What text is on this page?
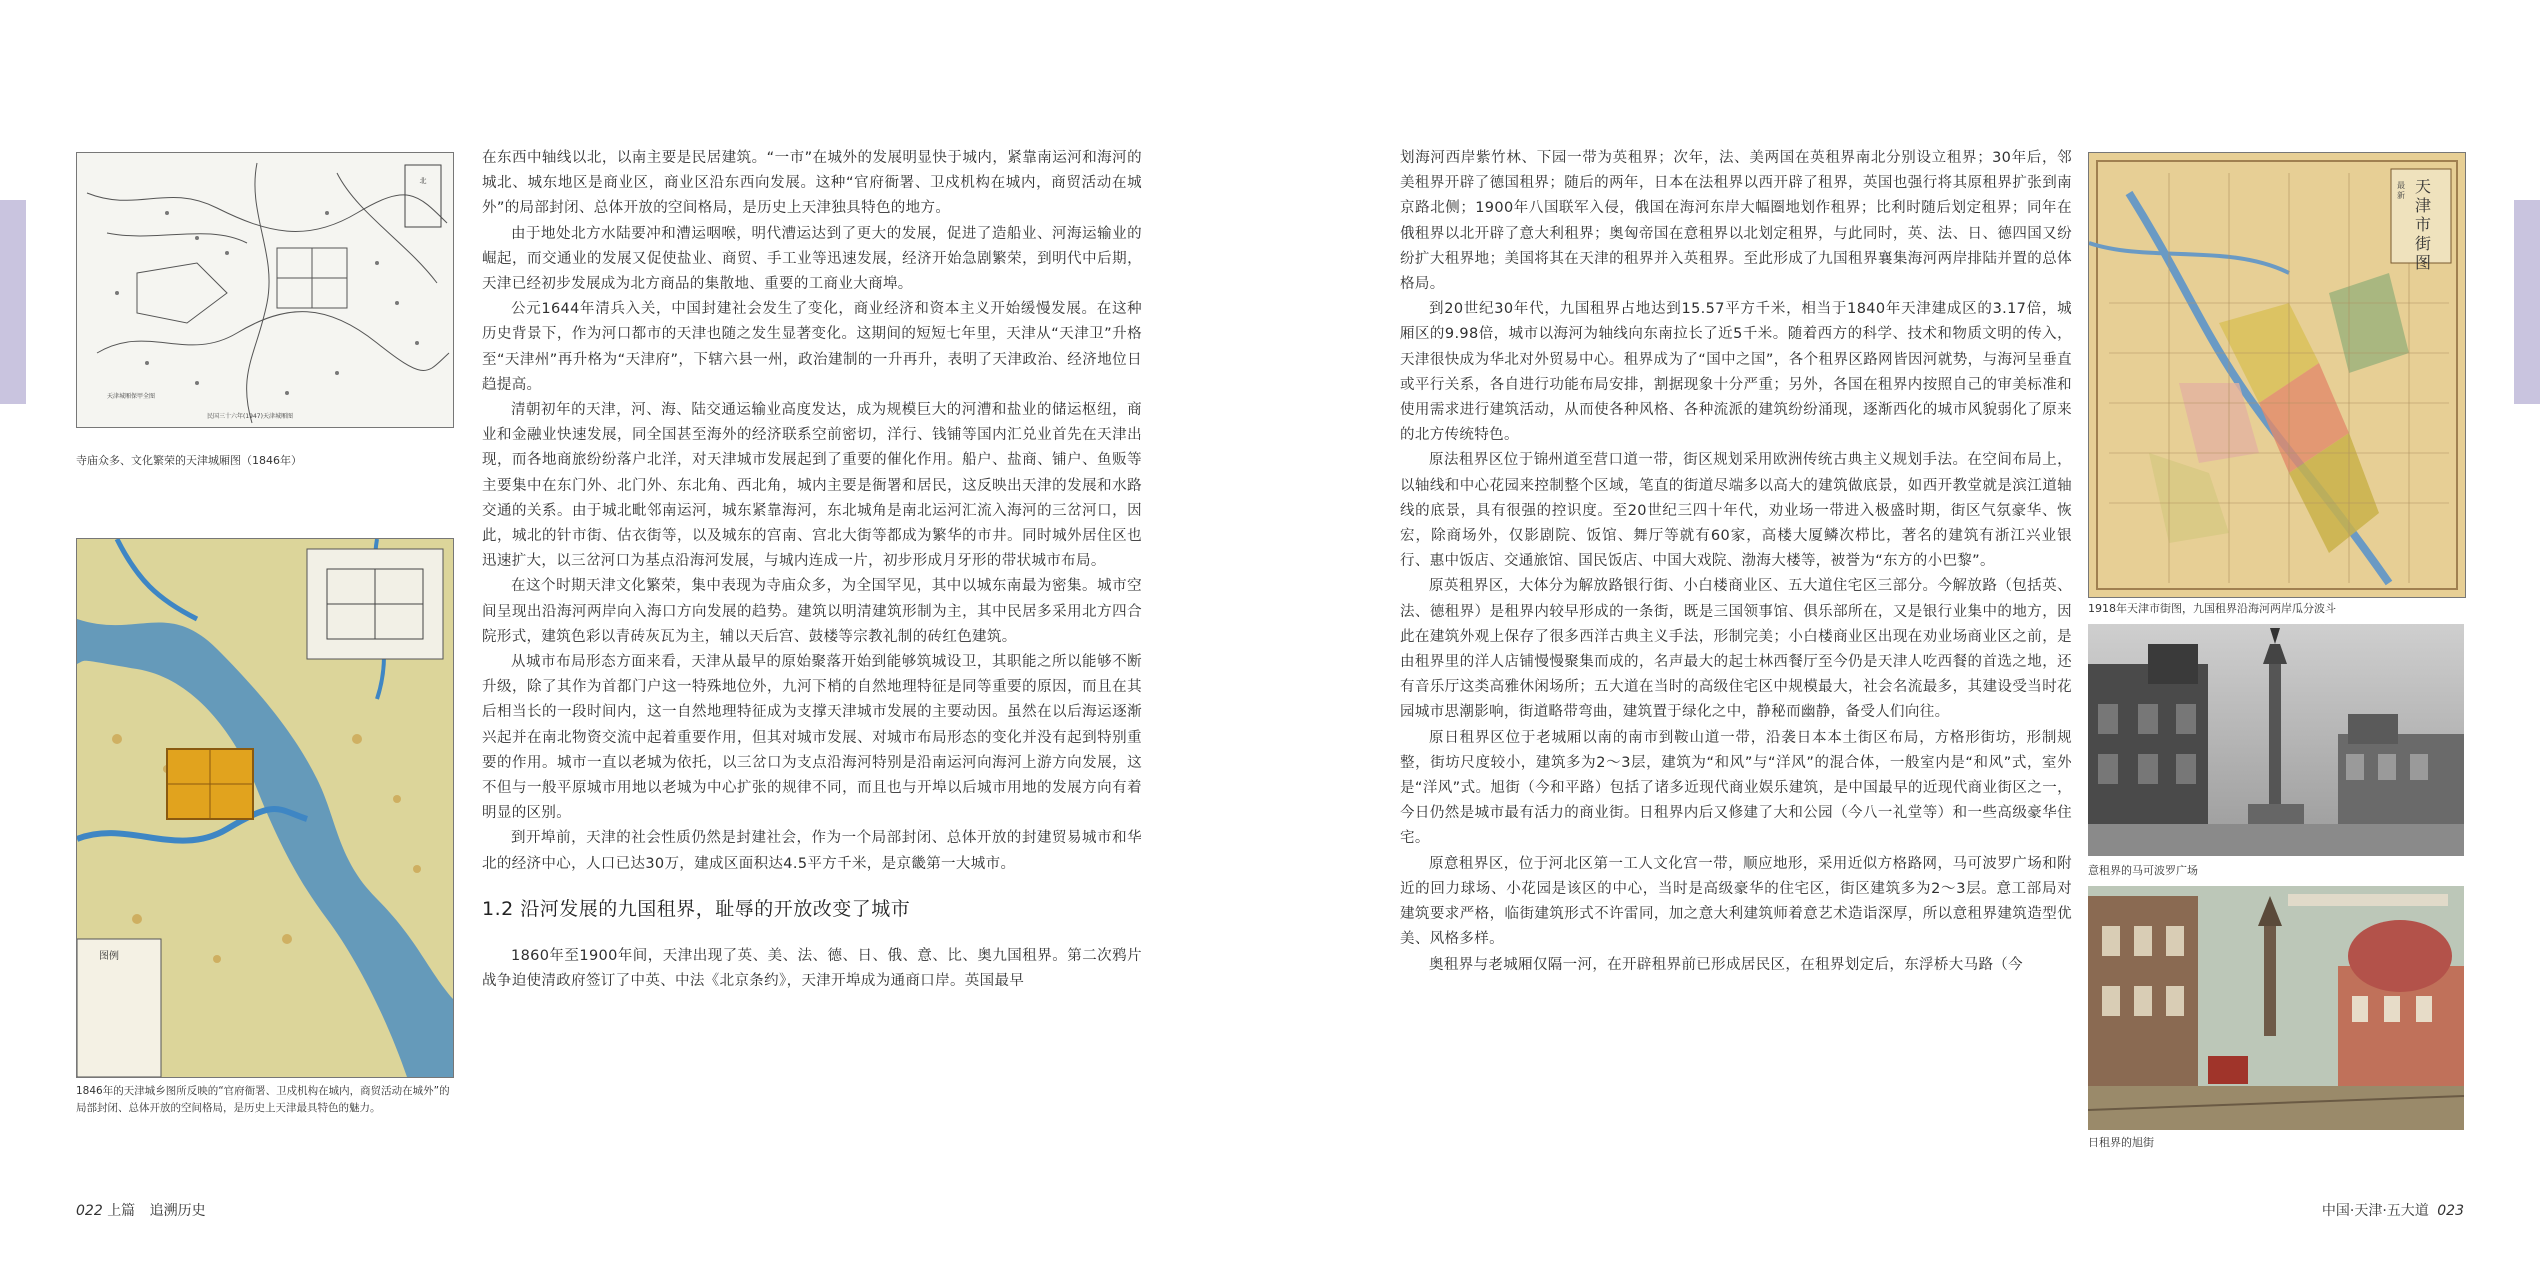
北
天津城厢保甲全图
民国三十六年(1947)天津城厢图
寺庙众多、文化繁荣的天津城厢图（1846年）
图例
1846年的天津城乡图所反映的“官府衙署、卫戍机构在城内，商贸活动在城外”的局部封闭、总体开放的空间格局，是历史上天津最具特色的魅力。

在东西中轴线以北，以南主要是民居建筑。“一市”在城外的发展明显快于城内，紧靠南运河和海河的城北、城东地区是商业区，商业区沿东西向发展。这种“官府衙署、卫戍机构在城内，商贸活动在城外”的局部封闭、总体开放的空间格局，是历史上天津独具特色的地方。

由于地处北方水陆要冲和漕运咽喉，明代漕运达到了更大的发展，促进了造船业、河海运输业的崛起，而交通业的发展又促使盐业、商贸、手工业等迅速发展，经济开始急剧繁荣，到明代中后期，天津已经初步发展成为北方商品的集散地、重要的工商业大商埠。

公元1644年清兵入关，中国封建社会发生了变化，商业经济和资本主义开始缓慢发展。在这种历史背景下，作为河口都市的天津也随之发生显著变化。这期间的短短七年里，天津从“天津卫”升格至“天津州”再升格为“天津府”，下辖六县一州，政治建制的一升再升，表明了天津政治、经济地位日趋提高。

清朝初年的天津，河、海、陆交通运输业高度发达，成为规模巨大的河漕和盐业的储运枢纽，商业和金融业快速发展，同全国甚至海外的经济联系空前密切，洋行、钱铺等国内汇兑业首先在天津出现，而各地商旅纷纷落户北洋，对天津城市发展起到了重要的催化作用。船户、盐商、铺户、鱼贩等主要集中在东门外、北门外、东北角、西北角，城内主要是衙署和居民，这反映出天津的发展和水路交通的关系。由于城北毗邻南运河，城东紧靠海河，东北城角是南北运河汇流入海河的三岔河口，因此，城北的针市街、估衣街等，以及城东的宫南、宫北大街等都成为繁华的市井。同时城外居住区也迅速扩大，以三岔河口为基点沿海河发展，与城内连成一片，初步形成月牙形的带状城市布局。

在这个时期天津文化繁荣，集中表现为寺庙众多，为全国罕见，其中以城东南最为密集。城市空间呈现出沿海河两岸向入海口方向发展的趋势。建筑以明清建筑形制为主，其中民居多采用北方四合院形式，建筑色彩以青砖灰瓦为主，辅以天后宫、鼓楼等宗教礼制的砖红色建筑。

从城市布局形态方面来看，天津从最早的原始聚落开始到能够筑城设卫，其职能之所以能够不断升级，除了其作为首都门户这一特殊地位外，九河下梢的自然地理特征是同等重要的原因，而且在其后相当长的一段时间内，这一自然地理特征成为支撑天津城市发展的主要动因。虽然在以后海运逐渐兴起并在南北物资交流中起着重要作用，但其对城市发展、对城市布局形态的变化并没有起到特别重要的作用。城市一直以老城为依托，以三岔口为支点沿海河特别是沿南运河向海河上游方向发展，这不但与一般平原城市用地以老城为中心扩张的规律不同，而且也与开埠以后城市用地的发展方向有着明显的区别。

到开埠前，天津的社会性质仍然是封建社会，作为一个局部封闭、总体开放的封建贸易城市和华北的经济中心，人口已达30万，建成区面积达4.5平方千米，是京畿第一大城市。

1.2 沿河发展的九国租界，耻辱的开放改变了城市

1860年至1900年间，天津出现了英、美、法、德、日、俄、意、比、奥九国租界。第二次鸦片战争迫使清政府签订了中英、中法《北京条约》，天津开埠成为通商口岸。英国最早

022 上篇 追溯历史

划海河西岸紫竹林、下园一带为英租界；次年，法、美两国在英租界南北分别设立租界；30年后，邻美租界开辟了德国租界；随后的两年，日本在法租界以西开辟了租界，英国也强行将其原租界扩张到南京路北侧；1900年八国联军入侵，俄国在海河东岸大幅圈地划作租界；比利时随后划定租界；同年在俄租界以北开辟了意大利租界；奥匈帝国在意租界以北划定租界，与此同时，英、法、日、德四国又纷纷扩大租界地；美国将其在天津的租界并入英租界。至此形成了九国租界襄集海河两岸排陆并置的总体格局。

到20世纪30年代，九国租界占地达到15.57平方千米，相当于1840年天津建成区的3.17倍，城厢区的9.98倍，城市以海河为轴线向东南拉长了近5千米。随着西方的科学、技术和物质文明的传入，天津很快成为华北对外贸易中心。租界成为了“国中之国”，各个租界区路网皆因河就势，与海河呈垂直或平行关系，各自进行功能布局安排，割据现象十分严重；另外，各国在租界内按照自己的审美标准和使用需求进行建筑活动，从而使各种风格、各种流派的建筑纷纷涌现，逐渐西化的城市风貌弱化了原来的北方传统特色。

原法租界区位于锦州道至营口道一带，街区规划采用欧洲传统古典主义规划手法。在空间布局上，以轴线和中心花园来控制整个区域，笔直的街道尽端多以高大的建筑做底景，如西开教堂就是滨江道轴线的底景，具有很强的控识度。至20世纪三四十年代，劝业场一带进入极盛时期，街区气氛豪华、恢宏，除商场外，仅影剧院、饭馆、舞厅等就有60家，高楼大厦鳞次栉比，著名的建筑有浙江兴业银行、惠中饭店、交通旅馆、国民饭店、中国大戏院、渤海大楼等，被誉为“东方的小巴黎”。

原英租界区，大体分为解放路银行街、小白楼商业区、五大道住宅区三部分。今解放路（包括英、法、德租界）是租界内较早形成的一条街，既是三国领事馆、俱乐部所在，又是银行业集中的地方，因此在建筑外观上保存了很多西洋古典主义手法，形制完美；小白楼商业区出现在劝业场商业区之前，是由租界里的洋人店铺慢慢聚集而成的，名声最大的起士林西餐厅至今仍是天津人吃西餐的首选之地，还有音乐厅这类高雅休闲场所；五大道在当时的高级住宅区中规模最大，社会名流最多，其建设受当时花园城市思潮影响，街道略带弯曲，建筑置于绿化之中，静秘而幽静，备受人们向往。

原日租界区位于老城厢以南的南市到鞍山道一带，沿袭日本本土街区布局，方格形街坊，形制规整，街坊尺度较小，建筑多为2～3层，建筑为“和风”与“洋风”的混合体，一般室内是“和风”式，室外是“洋风”式。旭街（今和平路）包括了诸多近现代商业娱乐建筑，是中国最早的近现代商业街区之一，今日仍然是城市最有活力的商业街。日租界内后又修建了大和公园（今八一礼堂等）和一些高级豪华住宅。

原意租界区，位于河北区第一工人文化宫一带，顺应地形，采用近似方格路网，马可波罗广场和附近的回力球场、小花园是该区的中心，当时是高级豪华的住宅区，街区建筑多为2～3层。意工部局对建筑要求严格，临街建筑形式不许雷同，加之意大利建筑师着意艺术造诣深厚，所以意租界建筑造型优美、风格多样。

奥租界与老城厢仅隔一河，在开辟租界前已形成居民区，在租界划定后，东浮桥大马路（今

天津市街图
最新
1918年天津市街图，九国租界沿海河两岸瓜分波斗
意租界的马可波罗广场
日租界的旭街
中国·天津·五大道 023
